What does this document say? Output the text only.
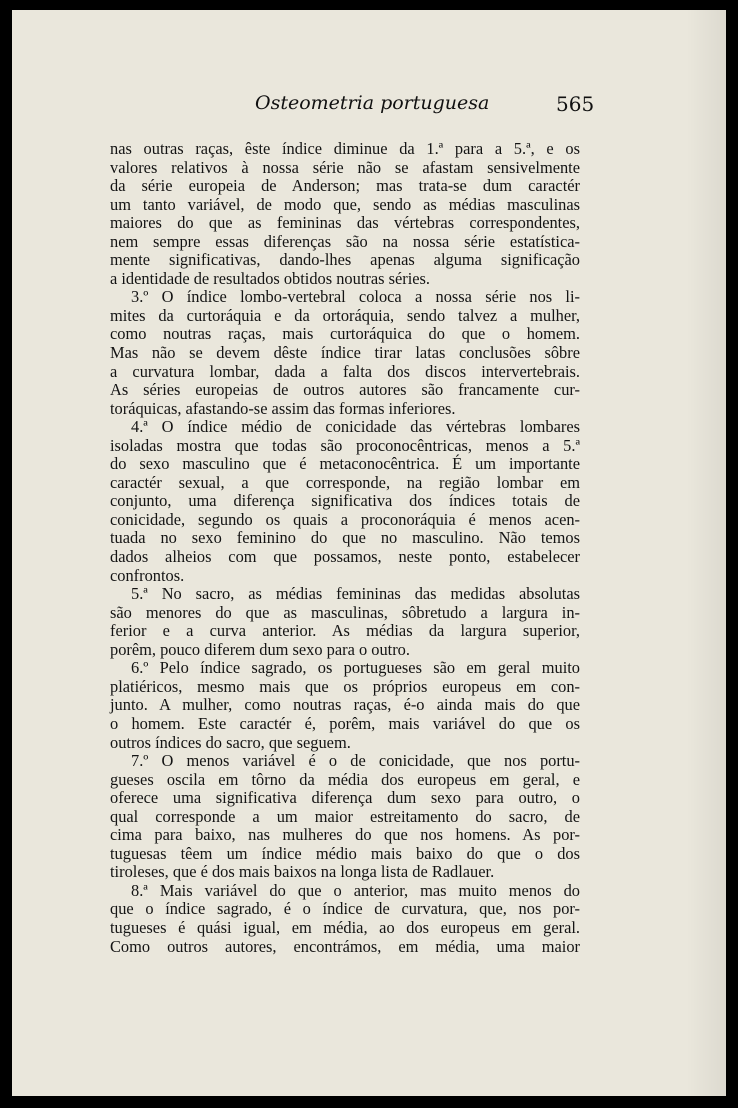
Osteometria portuguesa	565
nas outras raças, êste índice diminue da 1.ª para a 5.ª, e os
valores relativos à nossa série não se afastam sensivelmente
da série europeia de Anderson; mas trata-se dum caractér
um tanto variável, de modo que, sendo as médias masculinas
maiores do que as femininas das vértebras correspondentes,
nem sempre essas diferenças são na nossa série estatística-
mente significativas, dando-lhes apenas alguma significação
a identidade de resultados obtidos noutras séries.
3.º O índice lombo-vertebral coloca a nossa série nos li-
mites da curtoráquia e da ortoráquia, sendo talvez a mulher,
como noutras raças, mais curtoráquica do que o homem.
Mas não se devem dêste índice tirar latas conclusões sôbre
a curvatura lombar, dada a falta dos discos intervertebrais.
As séries europeias de outros autores são francamente cur-
toráquicas, afastando-se assim das formas inferiores.
4.ª O índice médio de conicidade das vértebras lombares
isoladas mostra que todas são proconocêntricas, menos a 5.ª
do sexo masculino que é metaconocêntrica. É um importante
caractér sexual, a que corresponde, na região lombar em
conjunto, uma diferença significativa dos índices totais de
conicidade, segundo os quais a proconoráquia é menos acen-
tuada no sexo feminino do que no masculino. Não temos
dados alheios com que possamos, neste ponto, estabelecer
confrontos.
5.ª No sacro, as médias femininas das medidas absolutas
são menores do que as masculinas, sôbretudo a largura in-
ferior e a curva anterior. As médias da largura superior,
porêm, pouco diferem dum sexo para o outro.
6.º Pelo índice sagrado, os portugueses são em geral muito
platiéricos, mesmo mais que os próprios europeus em con-
junto. A mulher, como noutras raças, é-o ainda mais do que
o homem. Este caractér é, porêm, mais variável do que os
outros índices do sacro, que seguem.
7.º O menos variável é o de conicidade, que nos portu-
gueses oscila em tôrno da média dos europeus em geral, e
oferece uma significativa diferença dum sexo para outro, o
qual corresponde a um maior estreitamento do sacro, de
cima para baixo, nas mulheres do que nos homens. As por-
tuguesas têem um índice médio mais baixo do que o dos
tiroleses, que é dos mais baixos na longa lista de Radlauer.
8.ª Mais variável do que o anterior, mas muito menos do
que o índice sagrado, é o índice de curvatura, que, nos por-
tugueses é quási igual, em média, ao dos europeus em geral.
Como outros autores, encontrámos, em média, uma maior
